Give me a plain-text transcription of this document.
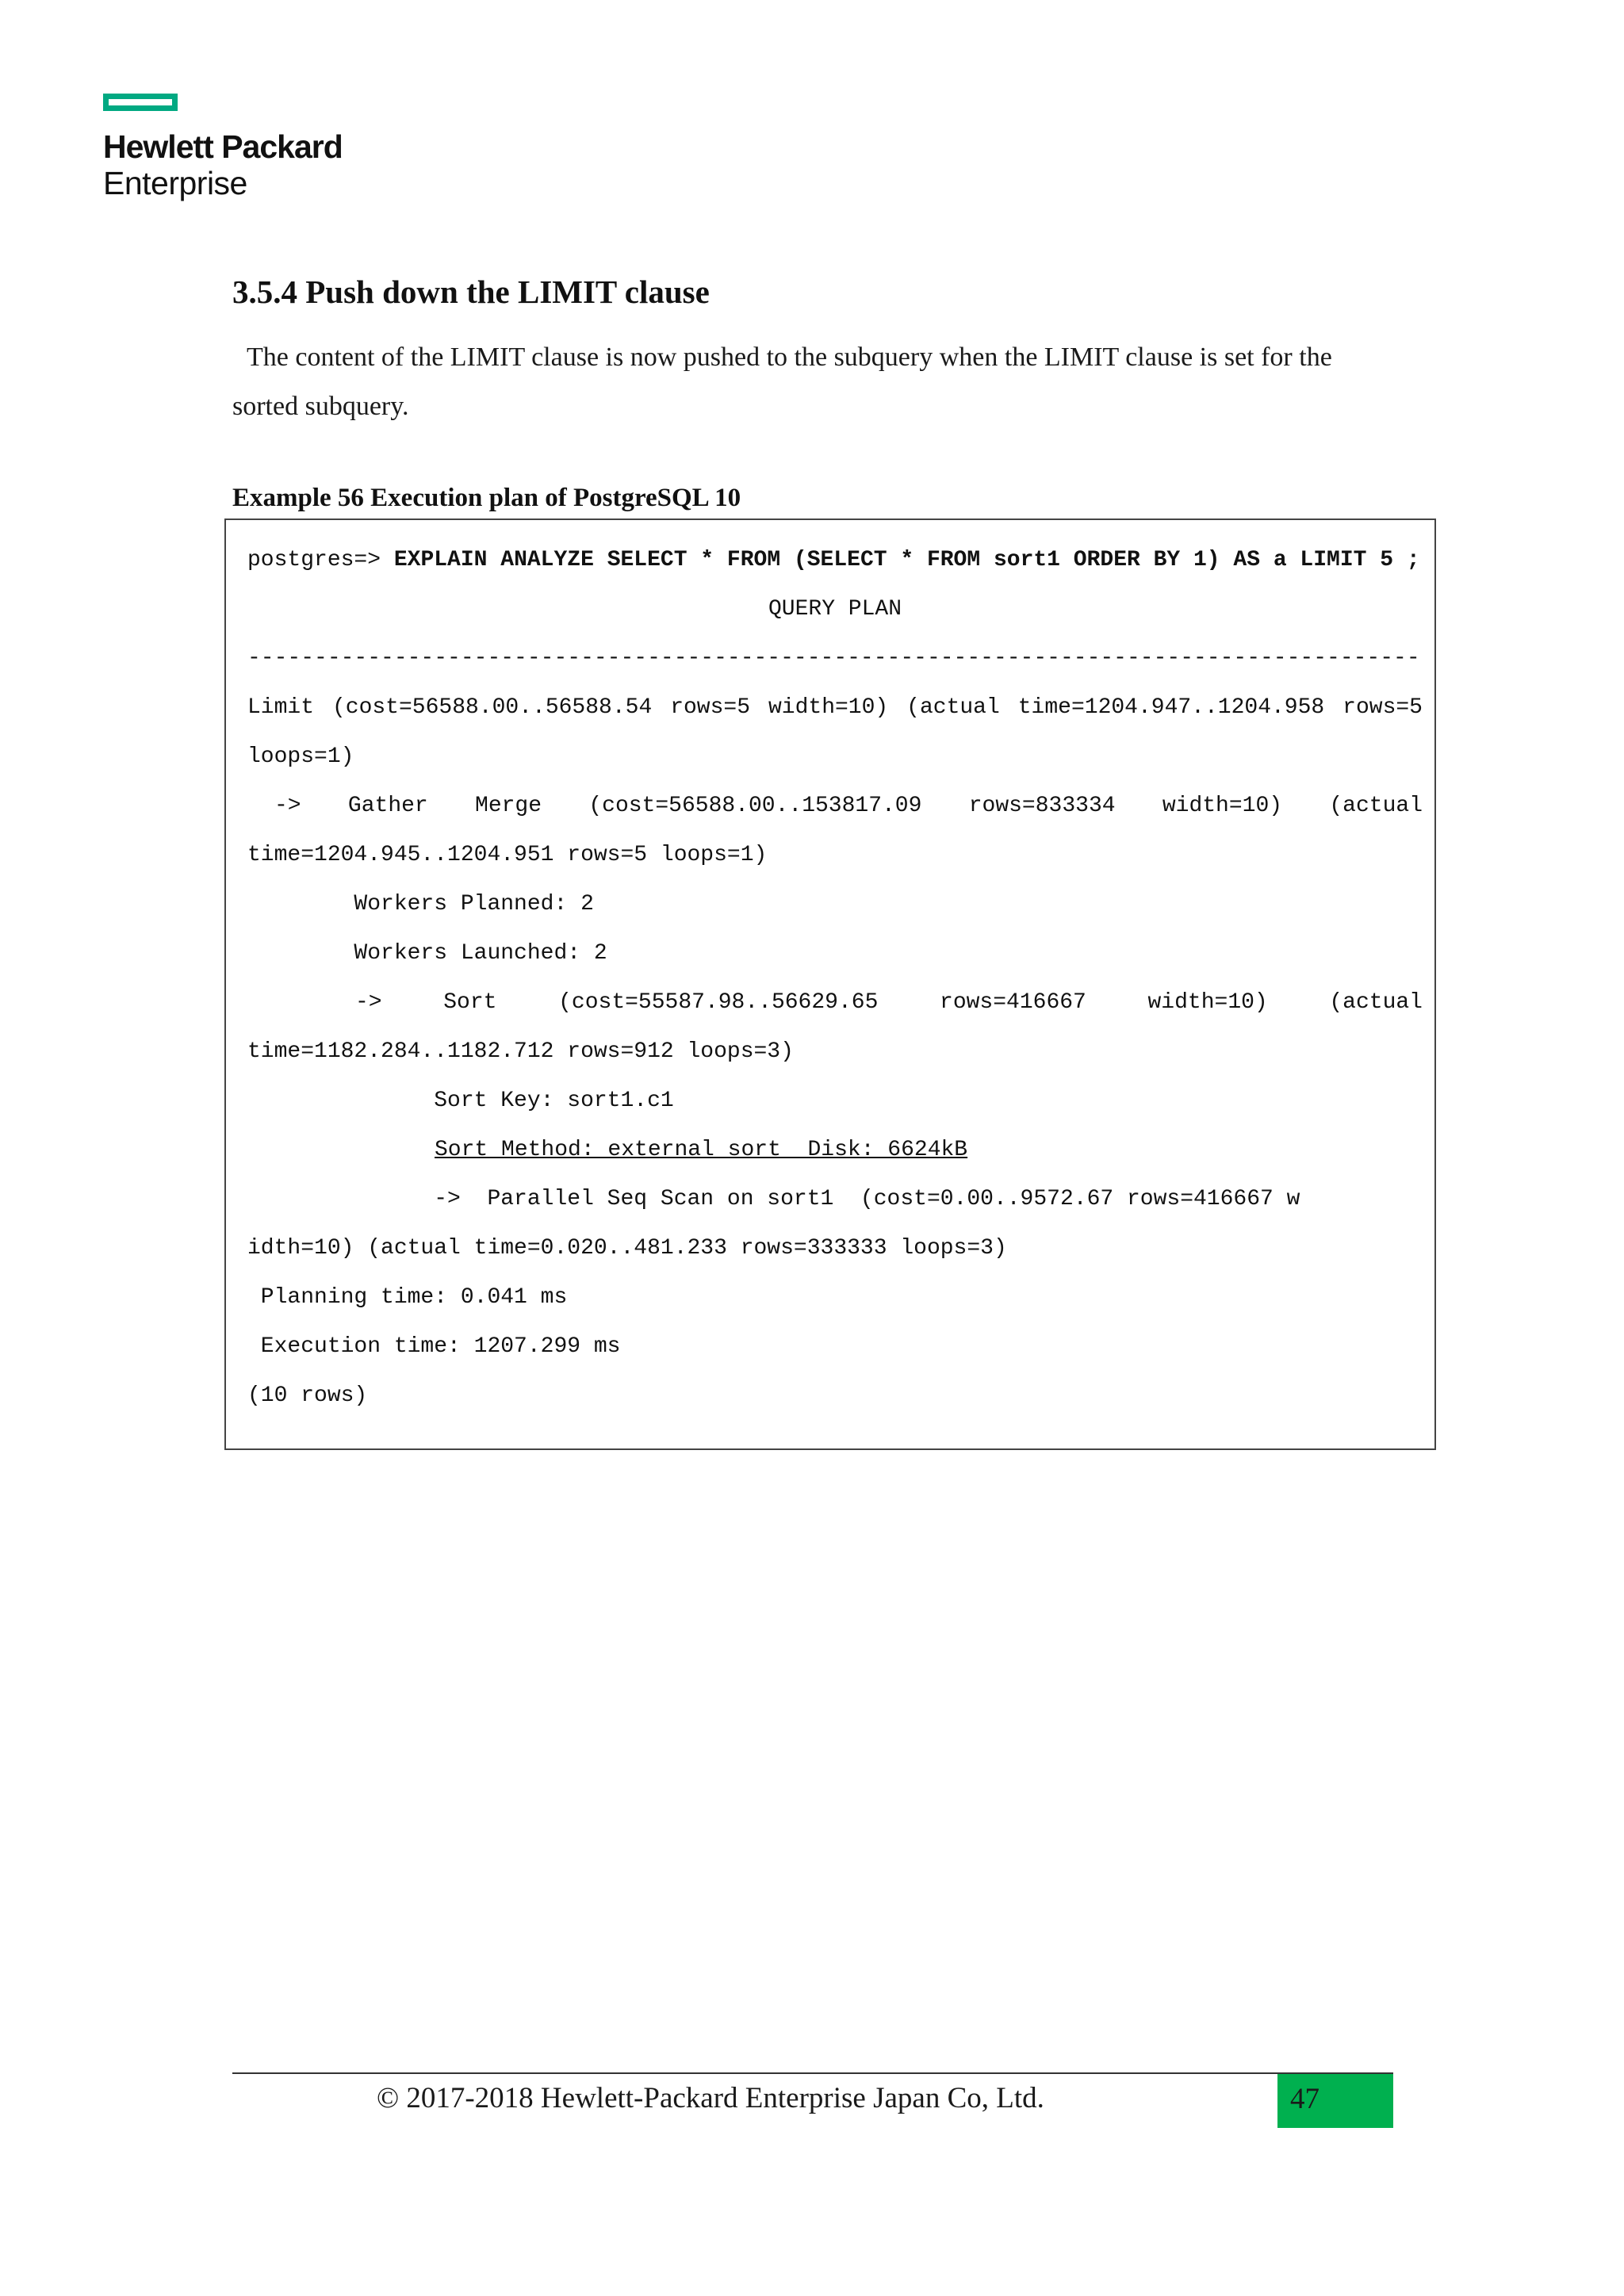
Hewlett Packard
Enterprise
3.5.4 Push down the LIMIT clause

The content of the LIMIT clause is now pushed to the subquery when the LIMIT clause is set for the sorted subquery.

Example 56 Execution plan of PostgreSQL 10
postgres=> EXPLAIN ANALYZE SELECT * FROM (SELECT * FROM sort1 ORDER BY 1) AS a LIMIT 5 ;
QUERY PLAN
----------------------------------------------------------------------------------------
Limit (cost=56588.00..56588.54 rows=5 width=10) (actual time=1204.947..1204.958 rows=5
loops=1)
-> Gather Merge (cost=56588.00..153817.09 rows=833334 width=10) (actual
time=1204.945..1204.951 rows=5 loops=1)
Workers Planned: 2
Workers Launched: 2
-> Sort (cost=55587.98..56629.65 rows=416667 width=10) (actual
time=1182.284..1182.712 rows=912 loops=3)
Sort Key: sort1.c1
Sort Method: external sort  Disk: 6624kB
->  Parallel Seq Scan on sort1  (cost=0.00..9572.67 rows=416667 w
idth=10) (actual time=0.020..481.233 rows=333333 loops=3)
Planning time: 0.041 ms
Execution time: 1207.299 ms
(10 rows)
© 2017-2018 Hewlett-Packard Enterprise Japan Co, Ltd.	47
